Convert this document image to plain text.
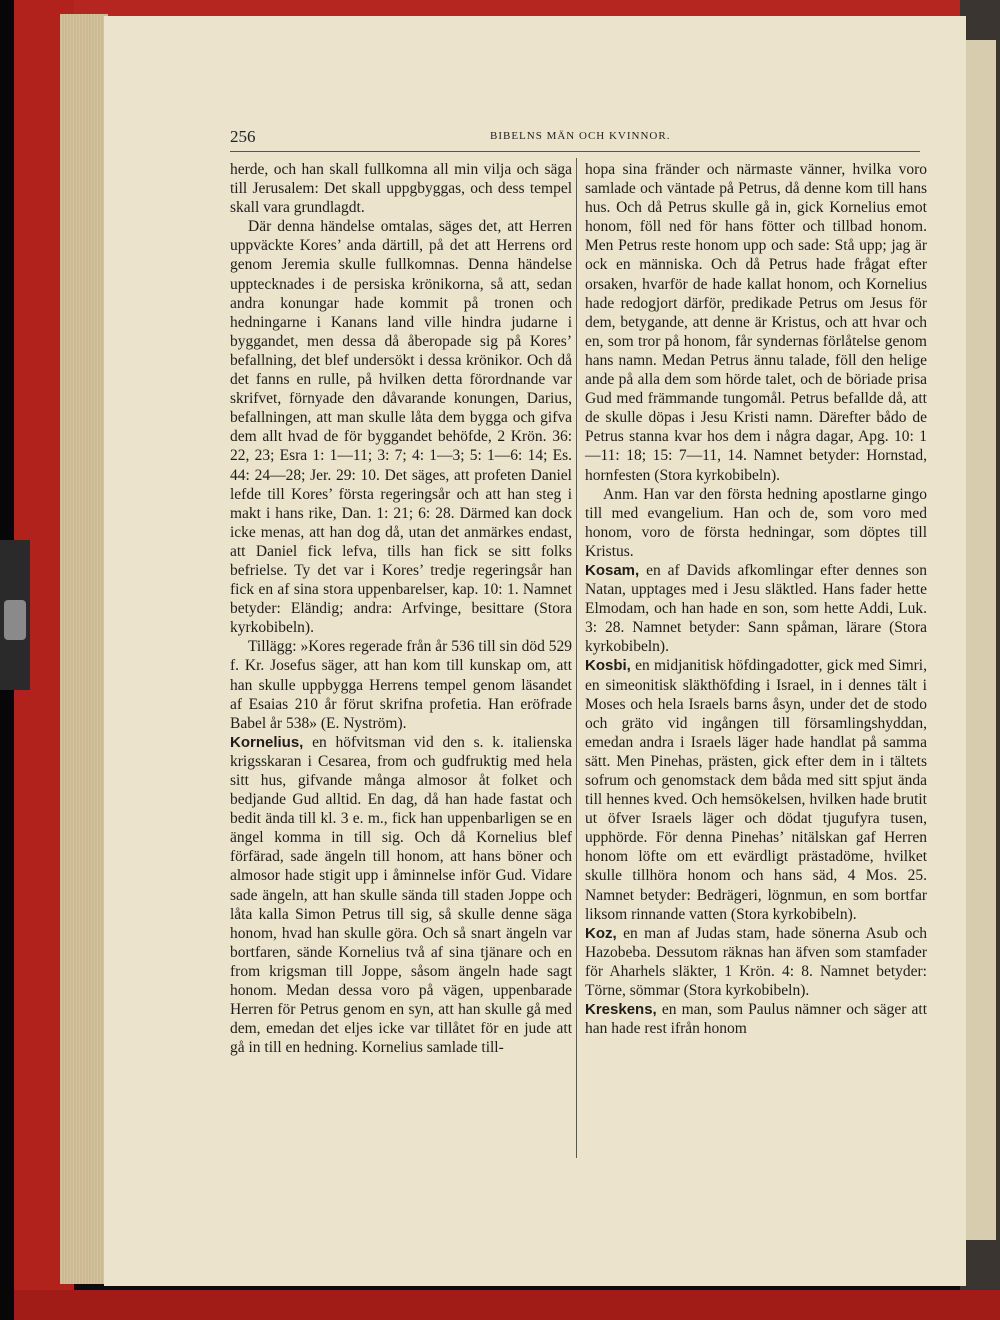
256	BIBELNS MÄN OCH KVINNOR.

herde, och han skall fullkomna all min vilja och säga till Jerusalem: Det skall uppgbyggas, och dess tempel skall vara grundlagdt.

Där denna händelse omtalas, säges det, att Herren uppväckte Kores’ anda därtill, på det att Herrens ord genom Jeremia skulle fullkomnas. Denna händelse upptecknades i de persiska krönikorna, så att, sedan andra konungar hade kommit på tronen och hedningarne i Kanans land ville hindra judarne i byggandet, men dessa då åberopade sig på Kores’ befallning, det blef undersökt i dessa krönikor. Och då det fanns en rulle, på hvilken detta förordnande var skrifvet, förnyade den dåvarande konungen, Darius, befallningen, att man skulle låta dem bygga och gifva dem allt hvad de för byggandet behöfde, 2 Krön. 36: 22, 23; Esra 1: 1—11; 3: 7; 4: 1—3; 5: 1—6: 14; Es. 44: 24—28; Jer. 29: 10. Det säges, att profeten Daniel lefde till Kores’ första regeringsår och att han steg i makt i hans rike, Dan. 1: 21; 6: 28. Därmed kan dock icke menas, att han dog då, utan det anmärkes endast, att Daniel fick lefva, tills han fick se sitt folks befrielse. Ty det var i Kores’ tredje regeringsår han fick en af sina stora uppenbarelser, kap. 10: 1. Namnet betyder: Eländig; andra: Arfvinge, besittare (Stora kyrkobibeln).

Tillägg: »Kores regerade från år 536 till sin död 529 f. Kr. Josefus säger, att han kom till kunskap om, att han skulle uppbygga Herrens tempel genom läsandet af Esaias 210 år förut skrifna profetia. Han eröfrade Babel år 538» (E. Nyström).

Kornelius, en höfvitsman vid den s. k. italienska krigsskaran i Cesarea, from och gudfruktig med hela sitt hus, gifvande många almosor åt folket och bedjande Gud alltid. En dag, då han hade fastat och bedit ända till kl. 3 e. m., fick han uppenbarligen se en ängel komma in till sig. Och då Kornelius blef förfärad, sade ängeln till honom, att hans böner och almosor hade stigit upp i åminnelse inför Gud. Vidare sade ängeln, att han skulle sända till staden Joppe och låta kalla Simon Petrus till sig, så skulle denne säga honom, hvad han skulle göra. Och så snart ängeln var bortfaren, sände Kornelius två af sina tjänare och en from krigsman till Joppe, såsom ängeln hade sagt honom. Medan dessa voro på vägen, uppenbarade Herren för Petrus genom en syn, att han skulle gå med dem, emedan det eljes icke var tillåtet för en jude att gå in till en hedning. Kornelius samlade till-

hopa sina fränder och närmaste vänner, hvilka voro samlade och väntade på Petrus, då denne kom till hans hus. Och då Petrus skulle gå in, gick Kornelius emot honom, föll ned för hans fötter och tillbad honom. Men Petrus reste honom upp och sade: Stå upp; jag är ock en människa. Och då Petrus hade frågat efter orsaken, hvarför de hade kallat honom, och Kornelius hade redogjort därför, predikade Petrus om Jesus för dem, betygande, att denne är Kristus, och att hvar och en, som tror på honom, får syndernas förlåtelse genom hans namn. Medan Petrus ännu talade, föll den helige ande på alla dem som hörde talet, och de böriade prisa Gud med främmande tungomål. Petrus befallde då, att de skulle döpas i Jesu Kristi namn. Därefter bådo de Petrus stanna kvar hos dem i några dagar, Apg. 10: 1—11: 18; 15: 7—11, 14. Namnet betyder: Hornstad, hornfesten (Stora kyrkobibeln).

Anm. Han var den första hedning apostlarne gingo till med evangelium. Han och de, som voro med honom, voro de första hedningar, som döptes till Kristus.

Kosam, en af Davids afkomlingar efter dennes son Natan, upptages med i Jesu släktled. Hans fader hette Elmodam, och han hade en son, som hette Addi, Luk. 3: 28. Namnet betyder: Sann spåman, lärare (Stora kyrkobibeln).

Kosbi, en midjanitisk höfdingadotter, gick med Simri, en simeonitisk släkthöfding i Israel, in i dennes tält i Moses och hela Israels barns åsyn, under det de stodo och gräto vid ingången till församlingshyddan, emedan andra i Israels läger hade handlat på samma sätt. Men Pinehas, prästen, gick efter dem in i tältets sofrum och genomstack dem båda med sitt spjut ända till hennes kved. Och hemsökelsen, hvilken hade brutit ut öfver Israels läger och dödat tjugufyra tusen, upphörde. För denna Pinehas’ nitälskan gaf Herren honom löfte om ett evärdligt prästadöme, hvilket skulle tillhöra honom och hans säd, 4 Mos. 25. Namnet betyder: Bedrägeri, lögnmun, en som bortfar liksom rinnande vatten (Stora kyrkobibeln).

Koz, en man af Judas stam, hade sönerna Asub och Hazobeba. Dessutom räknas han äfven som stamfader för Aharhels släkter, 1 Krön. 4: 8. Namnet betyder: Törne, sömmar (Stora kyrkobibeln).

Kreskens, en man, som Paulus nämner och säger att han hade rest ifrån honom
